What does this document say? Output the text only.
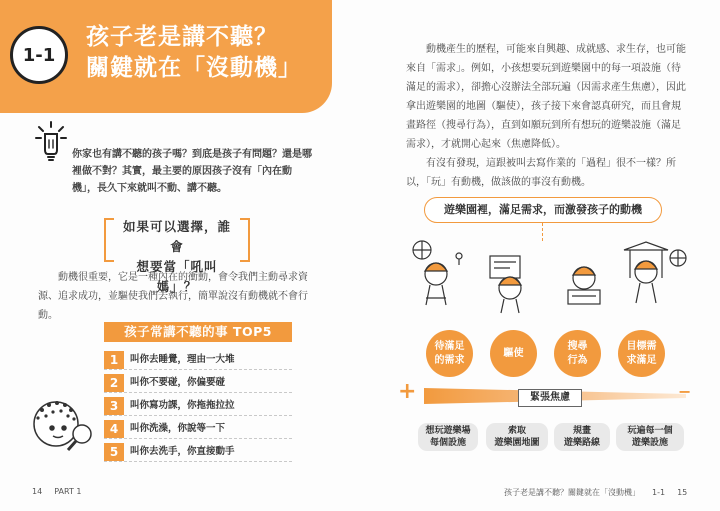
1-1
孩子老是講不聽？
關鍵就在「沒動機」
你家也有講不聽的孩子嗎？到底是孩子有問題？還是哪裡做不對？其實，最主要的原因孩子沒有「內在動機」，長久下來就叫不動、講不聽。
如果可以選擇，誰會
想要當「吼叫媽」？
動機很重要，它是一種內在的衝動，會令我們主動尋求資源、追求成功，並驅使我們去執行，簡單說沒有動機就不會行動。
孩子常講不聽的事 TOP5
1	叫你去睡覺，理由一大堆
2	叫你不要碰，你偏要碰
3	叫你寫功課，你拖拖拉拉
4	叫你洗澡，你說等一下
5	叫你去洗手，你直接動手
14 PART 1

動機產生的歷程，可能來自興趣、成就感、求生存，也可能來自「需求」。例如，小孩想要玩到遊樂園中的每一項設施（待滿足的需求），卻擔心沒辦法全部玩遍（因需求產生焦慮），因此拿出遊樂園的地圖（驅使），孩子接下來會認真研究，而且會規畫路徑（搜尋行為），直到如願玩到所有想玩的遊樂設施（滿足需求），才就開心起來（焦慮降低）。

有沒有發現，這跟被叫去寫作業的「過程」很不一樣？所以，「玩」有動機，做該做的事沒有動機。

遊樂園裡，滿足需求，而激發孩子的動機
待滿足
的需求
驅使
搜尋
行為
目標需
求滿足
+	−
緊張焦慮
想玩遊樂場
每個設施
索取
遊樂園地圖
規畫
遊樂路線
玩遍每一個
遊樂設施
孩子老是講不聽？關鍵就在「沒動機」 1-1 15
